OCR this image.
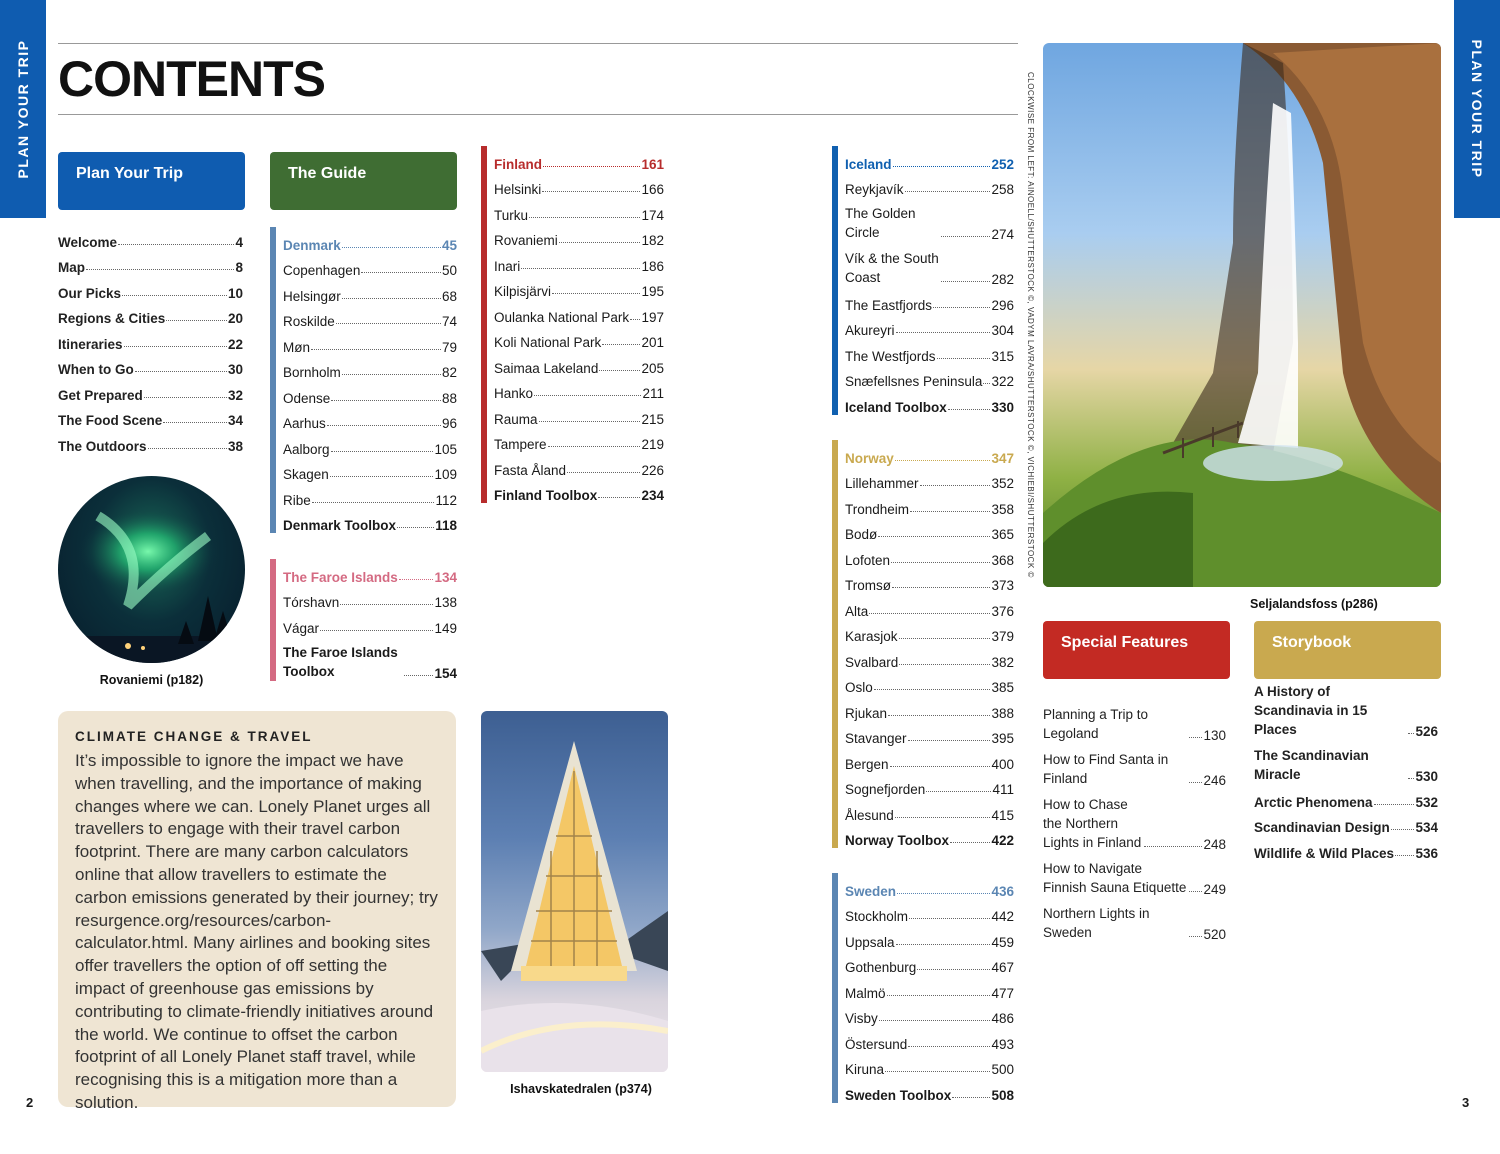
PLAN YOUR TRIP	PLAN YOUR TRIP
CONTENTS
Plan Your Trip
Welcome	4
Map	8
Our Picks	10
Regions & Cities	20
Itineraries	22
When to Go	30
Get Prepared	32
The Food Scene	34
The Outdoors	38
Rovaniemi (p182)
The Guide
Denmark	45
Copenhagen	50
Helsingør	68
Roskilde	74
Møn	79
Bornholm	82
Odense	88
Aarhus	96
Aalborg	105
Skagen	109
Ribe	112
Denmark Toolbox	118
The Faroe Islands	134
Tórshavn	138
Vágar	149
The Faroe Islands Toolbox	154
Finland	161
Helsinki	166
Turku	174
Rovaniemi	182
Inari	186
Kilpisjärvi	195
Oulanka National Park 197
Koli National Park	201
Saimaa Lakeland	205
Hanko	211
Rauma	215
Tampere	219
Fasta Åland	226
Finland Toolbox	234
CLIMATE CHANGE & TRAVEL

It’s impossible to ignore the impact we have when travelling, and the importance of making changes where we can. Lonely Planet urges all travellers to engage with their travel carbon footprint. There are many carbon calculators online that allow travellers to estimate the carbon emissions generated by their journey; try resurgence.org/resources/carbon-calculator.html. Many airlines and booking sites offer travellers the option of off setting the impact of greenhouse gas emissions by contributing to climate-friendly initiatives around the world. We continue to offset the carbon footprint of all Lonely Planet staff travel, while recognising this is a mitigation more than a solution.

Ishavskatedralen (p374)
Iceland	252
Reykjavík	258
The Golden Circle	274
Vík & the South Coast	282
The Eastfjords	296
Akureyri	304
The Westfjords	315
Snæfellsnes Peninsula 322
Iceland Toolbox	330
Norway	347
Lillehammer	352
Trondheim	358
Bodø	365
Lofoten	368
Tromsø	373
Alta	376
Karasjok	379
Svalbard	382
Oslo	385
Rjukan	388
Stavanger	395
Bergen	400
Sognefjorden	411
Ålesund	415
Norway Toolbox	422
Sweden	436
Stockholm	442
Uppsala	459
Gothenburg	467
Malmö	477
Visby	486
Östersund	493
Kiruna	500
Sweden Toolbox	508
CLOCKWISE FROM LEFT: AINOELL/SHUTTERSTOCK ©, VADYM LAVRA/SHUTTERSTOCK ©, VICHIEBI/SHUTTERSTOCK ©
Seljalandsfoss (p286)
Special Features
Planning a Trip to Legoland	130
How to Find Santa in Finland	246
How to Chase the Northern Lights in Finland	248
How to Navigate Finnish Sauna Etiquette 249
Northern Lights in Sweden	520
Storybook
A History of Scandinavia in 15 Places	526
The Scandinavian Miracle	530
Arctic Phenomena	532
Scandinavian Design 534
Wildlife & Wild Places 536
2	3
